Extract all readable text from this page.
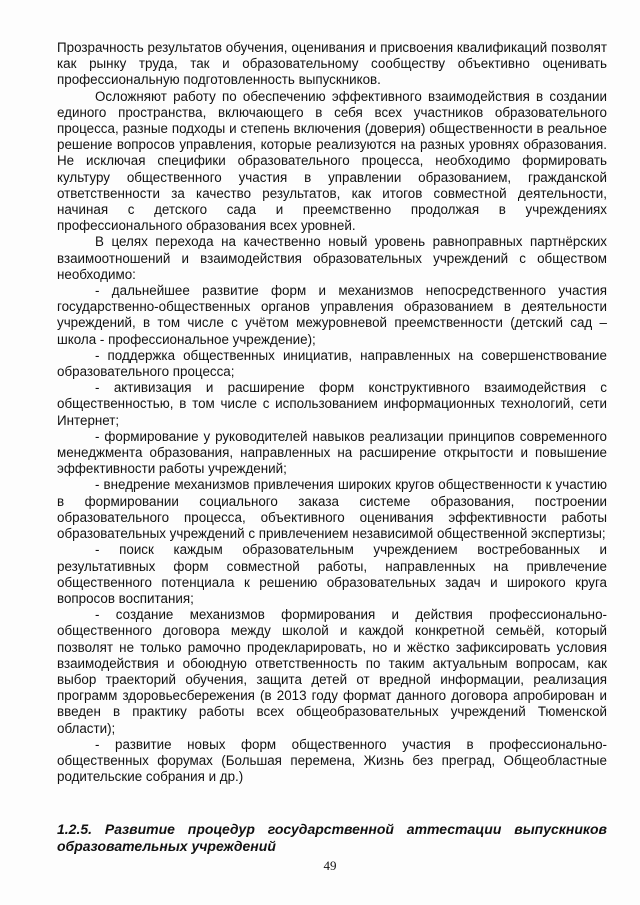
Прозрачность результатов обучения, оценивания и присвоения квалификаций позволят как рынку труда, так и образовательному сообществу объективно оценивать профессиональную подготовленность выпускников.

Осложняют работу по обеспечению эффективного взаимодействия в создании единого пространства, включающего в себя всех участников образовательного процесса, разные подходы и степень включения (доверия) общественности в реальное решение вопросов управления, которые реализуются на разных уровнях образования. Не исключая специфики образовательного процесса, необходимо формировать культуру общественного участия в управлении образованием, гражданской ответственности за качество результатов, как итогов совместной деятельности, начиная с детского сада и преемственно продолжая в учреждениях профессионального образования всех уровней.

В целях перехода на качественно новый уровень равноправных партнёрских взаимоотношений и взаимодействия образовательных учреждений с обществом необходимо:

- дальнейшее развитие форм и механизмов непосредственного участия государственно-общественных органов управления образованием в деятельности учреждений, в том числе с учётом межуровневой преемственности (детский сад – школа - профессиональное учреждение);

- поддержка общественных инициатив, направленных на совершенствование образовательного процесса;

- активизация и расширение форм конструктивного взаимодействия с общественностью, в том числе с использованием информационных технологий, сети Интернет;

- формирование у руководителей навыков реализации принципов современного менеджмента образования, направленных на расширение открытости и повышение эффективности работы учреждений;

- внедрение механизмов привлечения широких кругов общественности к участию в формировании социального заказа системе образования, построении образовательного процесса, объективного оценивания эффективности работы образовательных учреждений с привлечением независимой общественной экспертизы;

- поиск каждым образовательным учреждением востребованных и результативных форм совместной работы, направленных на привлечение общественного потенциала к решению образовательных задач и широкого круга вопросов воспитания;

- создание механизмов формирования и действия профессионально-общественного договора между школой и каждой конкретной семьёй, который позволят не только рамочно продекларировать, но и жёстко зафиксировать условия взаимодействия и обоюдную ответственность по таким актуальным вопросам, как выбор траекторий обучения, защита детей от вредной информации, реализация программ здоровьесбережения (в 2013 году формат данного договора апробирован и введен в практику работы всех общеобразовательных учреждений Тюменской области);

- развитие новых форм общественного участия в профессионально-общественных форумах (Большая перемена, Жизнь без преград, Общеобластные родительские собрания и др.)

1.2.5. Развитие процедур государственной аттестации выпускников образовательных учреждений

49
